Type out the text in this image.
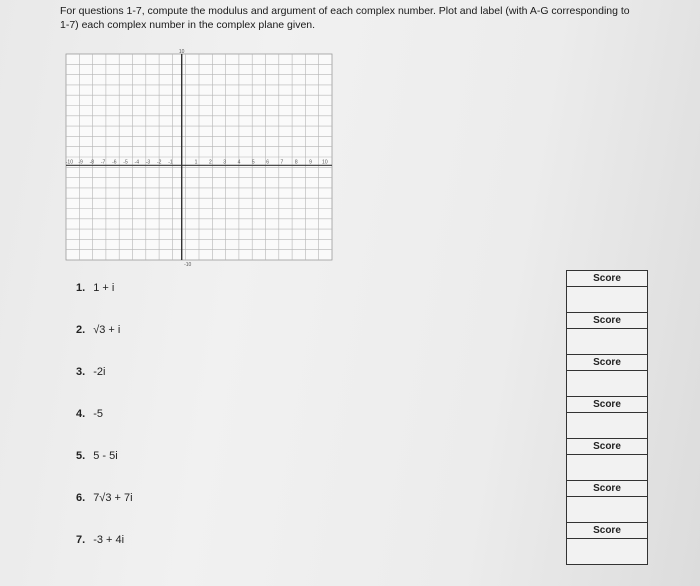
For questions 1-7, compute the modulus and argument of each complex number. Plot and label (with A-G corresponding to 1-7) each complex number in the complex plane given.
-10 -9 -8 -7 -6 -5 -4 -3 -2 -1	1 2 3 4 5 6 7 8 9 10
10
-10
1. 1 + i
2. √3 + i
3. -2i
4. -5
5. 5 - 5i
6. 7√3 + 7i
7. -3 + 4i
Score
Score
Score
Score
Score
Score
Score
